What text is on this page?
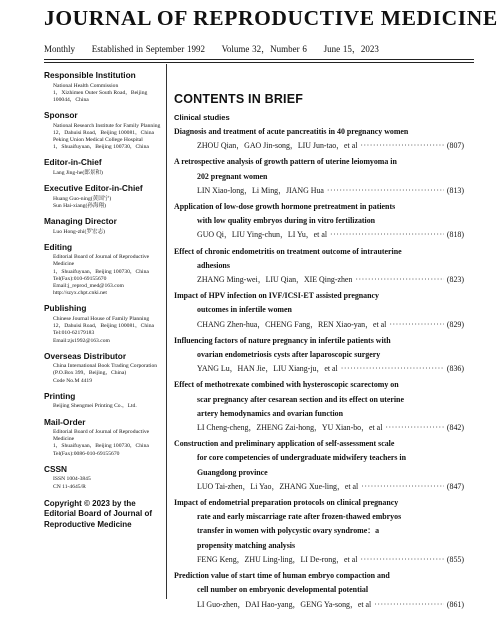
JOURNAL OF REPRODUCTIVE MEDICINE
Monthly Established in September 1992 Volume 32，Number 6 June 15，2023
Responsible Institution
National Health Commission
1，Xizhimen Outer South Road，Beijing 100044，China
Sponsor
National Research Institute for Family Planning
12，Dahuisi Road，Beijing 100081，China
Peking Union Medical College Hospital
1，Shuaifuyuan，Beijing 100730，China
Editor-in-Chief
Lang Jing-he(郎景和)
Executive Editor-in-Chief
Huang Guo-ning(黄国宁)
Sun Hai-xiang(孙海翔)
Managing Director
Luo Hong-zhi(罗宏志)
Editing
Editorial Board of Journal of Reproductive Medicine
1，Shuaifuyuan，Beijing 100730，China
Tel(Fax):010-69155670
Email:j_reprod_med@163.com
http://szyx.chpt.cnki.net
Publishing
Chinese Journal House of Family Planning
12，Dahuisi Road，Beijing 100081，China
Tel:010-62179183
Email:zjs1992@163.com
Overseas Distributor
China International Book Trading Corporation
(P.O.Box 399，Beijing，China)
Code No.M 4419
Printing
Beijing Shengmei Printing Co.，Ltd.
Mail-Order
Editorial Board of Journal of Reproductive Medicine
1，Shuaifuyuan，Beijing 100730，China
Tel(Fax):0086-010-69155670
CSSN
ISSN 1004-3845
CN 11-4645/R
Copyright © 2023 by the
Editorial Board of Journal of
Reproductive Medicine
CONTENTS IN BRIEF
Clinical studies
Diagnosis and treatment of acute pancreatitis in 40 pregnancy women
ZHOU Qian，GAO Jin-song，LIU Jun-tao，et al ·····	(807)
A retrospective analysis of growth pattern of uterine leiomyoma in
202 pregnant women
LIN Xiao-long，Li Ming，JIANG Hua ·····	(813)
Application of low-dose growth hormone pretreatment in patients
with low quality embryos during in vitro fertilization
GUO Qi，LIU Ying-chun，LI Yu，et al ·····	(818)
Effect of chronic endometritis on treatment outcome of intrauterine
adhesions
ZHANG Ming-wei，LIU Qian，XIE Qing-zhen ·····	(823)
Impact of HPV infection on IVF/ICSI-ET assisted pregnancy
outcomes in infertile women
CHANG Zhen-hua，CHENG Fang，REN Xiao-yan，et al ·····	(829)
Influencing factors of nature pregnancy in infertile patients with
ovarian endometriosis cysts after laparoscopic surgery
YANG Lu，HAN Jie，LIU Xiang-ju，et al ·····	(836)
Effect of methotrexate combined with hysteroscopic scarectomy on
scar pregnancy after cesarean section and its effect on uterine
artery hemodynamics and ovarian function
LI Cheng-cheng，ZHENG Zai-hong，YU Xian-bo，et al ·····	(842)
Construction and preliminary application of self-assessment scale
for core competencies of undergraduate midwifery teachers in
Guangdong province
LUO Tai-zhen，Li Yao，ZHANG Xue-ling，et al ·····	(847)
Impact of endometrial preparation protocols on clinical pregnancy
rate and early miscarriage rate after frozen-thawed embryos
transfer in women with polycystic ovary syndrome：a
propensity matching analysis
FENG Keng，ZHU Ling-ling，LI De-rong，et al ·····	(855)
Prediction value of start time of human embryo compaction and
cell number on embryonic developmental potential
LI Guo-zhen，DAI Hao-yang，GENG Ya-song，et al ·····	(861)
